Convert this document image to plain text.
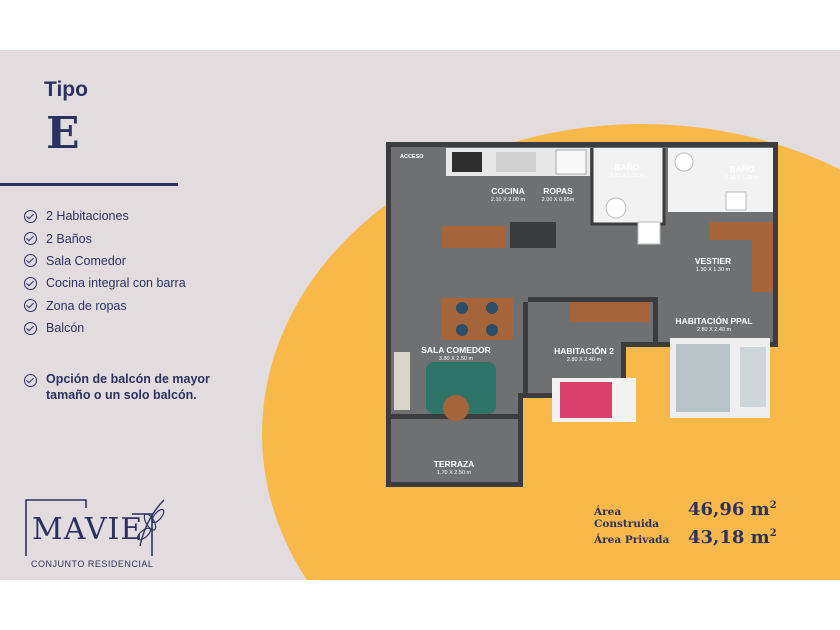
Tipo
E
2 Habitaciones
2 Baños
Sala Comedor
Cocina integral con barra
Zona de ropas
Balcón
Opción de balcón de mayor
tamaño o un solo balcón.
ACCESO
COCINA
2.10 X 2.00 m
ROPAS
2.00 X 0.65m
BAÑO
2.10 X 1.35 m
BAÑO
2.10 X 1.25 m
VESTIER
1.30 X 1.30 m
SALA COMEDOR
3.80 X 2.50 m
HABITACIÓN 2
2.80 X 2.40 m
HABITACIÓN PPAL
2.80 X 2.40 m
TERRAZA
1.70 X 2.50 m
Área Construida
46,96 $m^2$
Área Privada	43,18 $m^2$
MAVIE
CONJUNTO RESIDENCIAL
